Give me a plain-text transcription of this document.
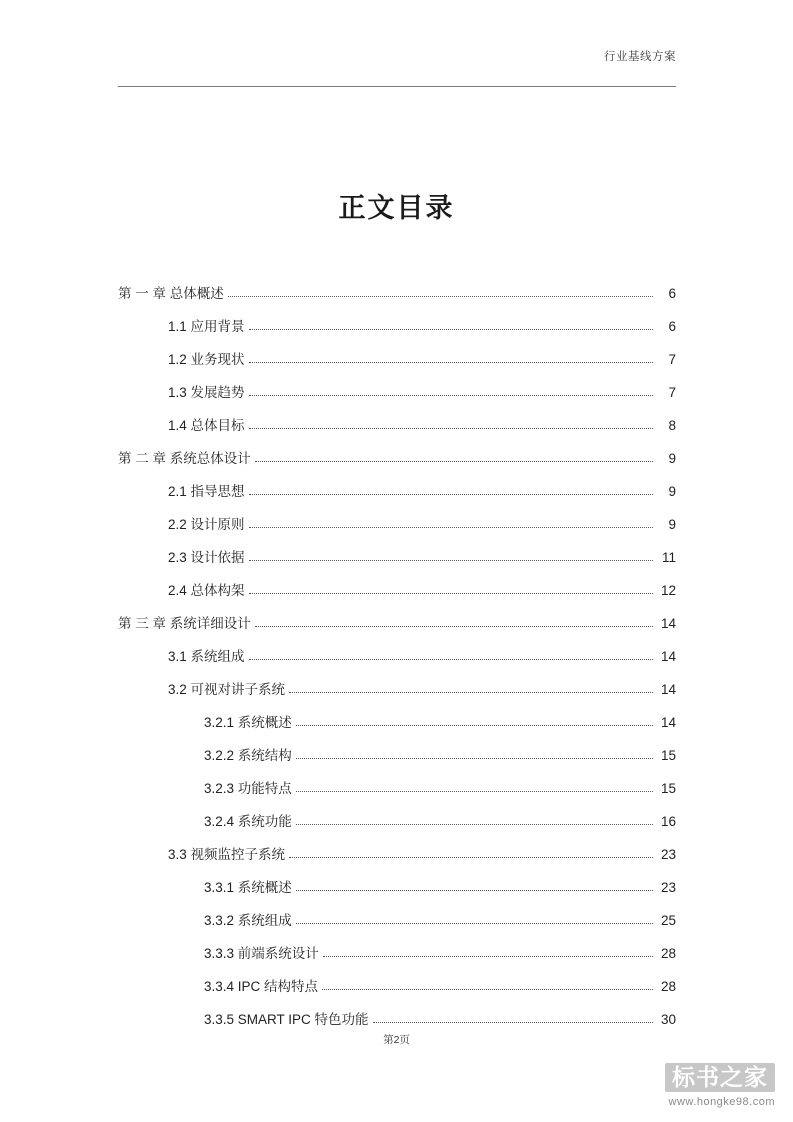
行业基线方案
正文目录
第 一 章 总体概述	6
1.1 应用背景	6
1.2 业务现状	7
1.3 发展趋势	7
1.4 总体目标	8
第 二 章 系统总体设计	9
2.1 指导思想	9
2.2 设计原则	9
2.3 设计依据	11
2.4 总体构架	12
第 三 章 系统详细设计	14
3.1 系统组成	14
3.2 可视对讲子系统	14
3.2.1 系统概述	14
3.2.2 系统结构	15
3.2.3 功能特点	15
3.2.4 系统功能	16
3.3 视频监控子系统	23
3.3.1 系统概述	23
3.3.2 系统组成	25
3.3.3 前端系统设计	28
3.3.4 IPC 结构特点	28
3.3.5 SMART IPC 特色功能	30
第2页
标书之家
www.hongke98.com
